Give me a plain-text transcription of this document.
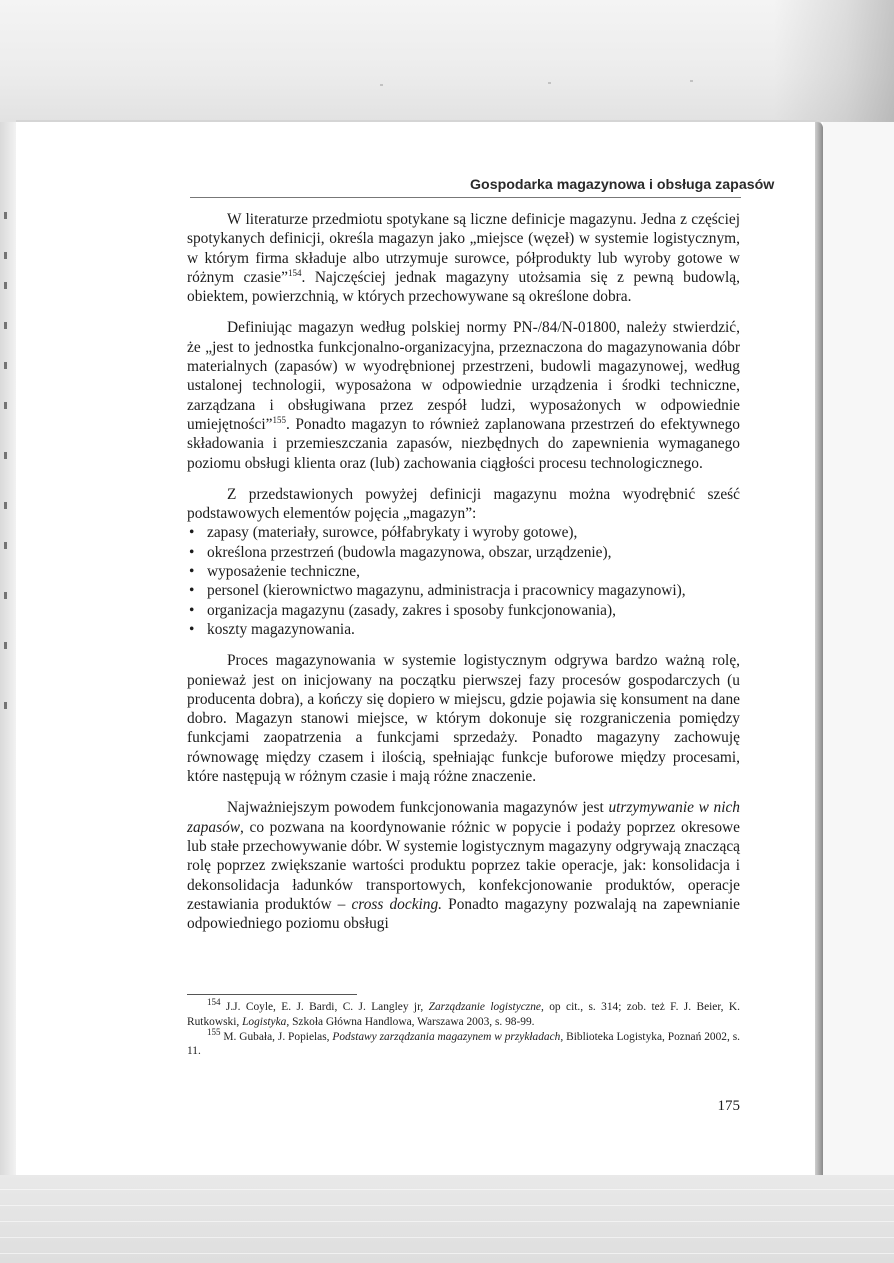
Gospodarka magazynowa i obsługa zapasów

W literaturze przedmiotu spotykane są liczne definicje magazynu. Jedna z częściej spotykanych definicji, określa magazyn jako „miejsce (węzeł) w systemie logistycznym, w którym firma składuje albo utrzymuje surowce, półprodukty lub wyroby gotowe w różnym czasie”$^{154}$. Najczęściej jednak magazyny utożsamia się z pewną budowlą, obiektem, powierzchnią, w których przechowywane są określone dobra.

Definiując magazyn według polskiej normy PN-/84/N-01800, należy stwierdzić, że „jest to jednostka funkcjonalno-organizacyjna, przeznaczona do magazynowania dóbr materialnych (zapasów) w wyodrębnionej przestrzeni, budowli magazynowej, według ustalonej technologii, wyposażona w odpowiednie urządzenia i środki techniczne, zarządzana i obsługiwana przez zespół ludzi, wyposażonych w odpowiednie umiejętności”$^{155}$. Ponadto magazyn to również zaplanowana przestrzeń do efektywnego składowania i przemieszczania zapasów, niezbędnych do zapewnienia wymaganego poziomu obsługi klienta oraz (lub) zachowania ciągłości procesu technologicznego.

Z przedstawionych powyżej definicji magazynu można wyodrębnić sześć podstawowych elementów pojęcia „magazyn”:

• zapasy (materiały, surowce, półfabrykaty i wyroby gotowe),
• określona przestrzeń (budowla magazynowa, obszar, urządzenie),
• wyposażenie techniczne,
• personel (kierownictwo magazynu, administracja i pracownicy magazynowi),
• organizacja magazynu (zasady, zakres i sposoby funkcjonowania),
• koszty magazynowania.

Proces magazynowania w systemie logistycznym odgrywa bardzo ważną rolę, ponieważ jest on inicjowany na początku pierwszej fazy procesów gospodarczych (u producenta dobra), a kończy się dopiero w miejscu, gdzie pojawia się konsument na dane dobro. Magazyn stanowi miejsce, w którym dokonuje się rozgraniczenia pomiędzy funkcjami zaopatrzenia a funkcjami sprzedaży. Ponadto magazyny zachowuję równowagę między czasem i ilością, spełniając funkcje buforowe między procesami, które następują w różnym czasie i mają różne znaczenie.

Najważniejszym powodem funkcjonowania magazynów jest utrzymywanie w nich zapasów, co pozwana na koordynowanie różnic w popycie i podaży poprzez okresowe lub stałe przechowywanie dóbr. W systemie logistycznym magazyny odgrywają znaczącą rolę poprzez zwiększanie wartości produktu poprzez takie operacje, jak: konsolidacja i dekonsolidacja ładunków transportowych, konfekcjonowanie produktów, operacje zestawiania produktów – cross docking. Ponadto magazyny pozwalają na zapewnianie odpowiedniego poziomu obsługi

$^{154}$ J.J. Coyle, E. J. Bardi, C. J. Langley jr, Zarządzanie logistyczne, op cit., s. 314; zob. też F. J. Beier, K. Rutkowski, Logistyka, Szkoła Główna Handlowa, Warszawa 2003, s. 98-99.

$^{155}$ M. Gubała, J. Popielas, Podstawy zarządzania magazynem w przykładach, Biblioteka Logistyka, Poznań 2002, s. 11.

175
